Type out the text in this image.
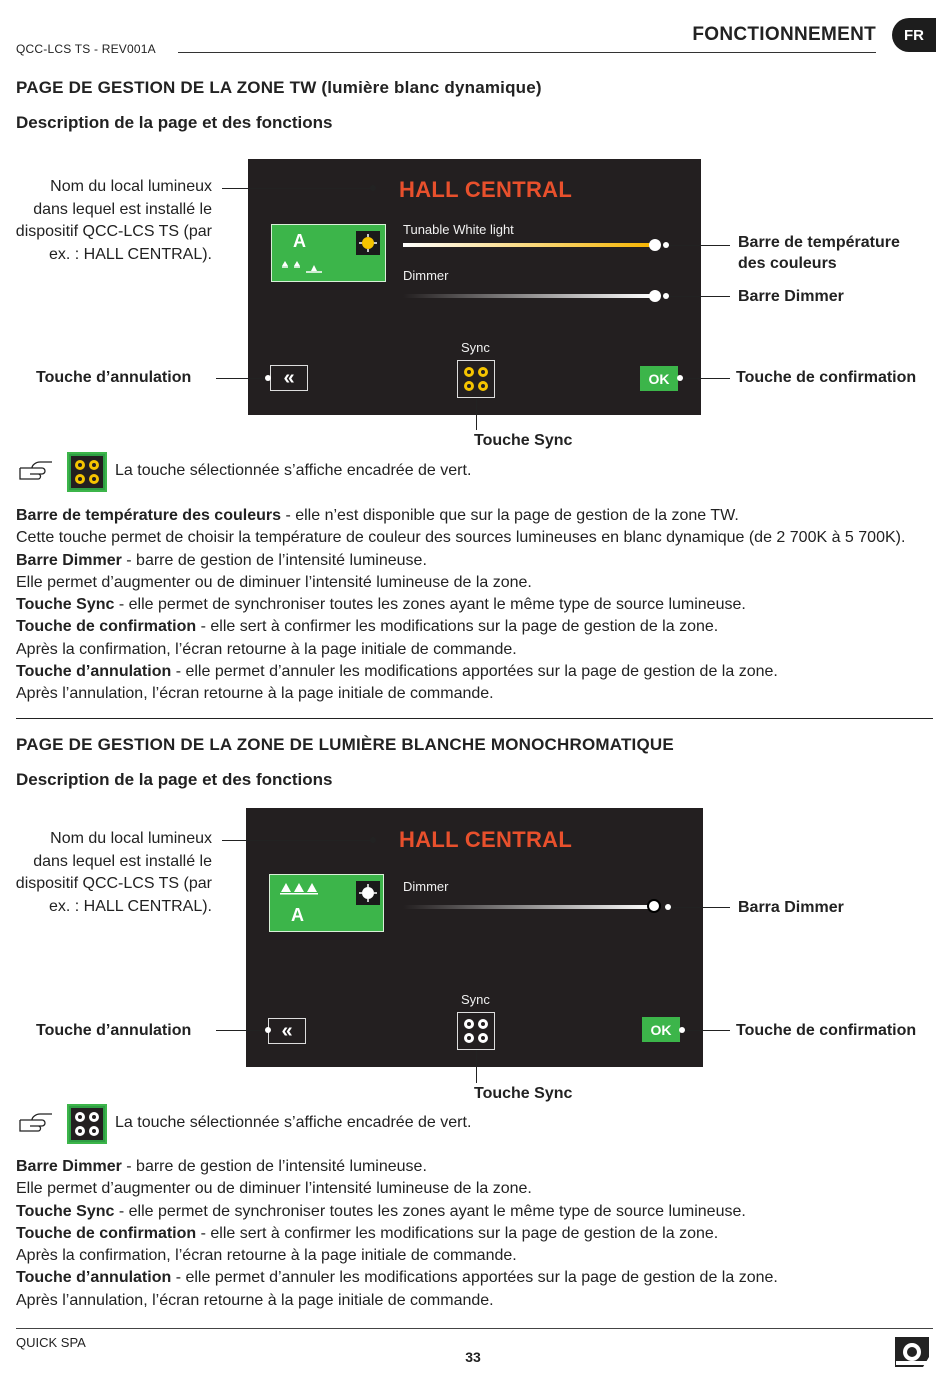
QCC-LCS TS - REV001A
FONCTIONNEMENT	FR
PAGE DE GESTION DE LA ZONE TW (lumière blanc dynamique)
Description de la page et des fonctions
Nom du local lumineux
dans lequel est installé le
dispositif QCC-LCS TS (par
ex. : HALL CENTRAL).
HALL CENTRAL
A
Tunable White light
Dimmer
«
Sync
OK
Barre de température
des couleurs
Barre Dimmer
Touche d’annulation	Touche de confirmation
Touche Sync
La touche sélectionnée s’affiche encadrée de vert.
Barre de température des couleurs - elle n’est disponible que sur la page de gestion de la zone TW.
Cette touche permet de choisir la température de couleur des sources lumineuses en blanc dynamique (de 2 700K à 5 700K).
Barre Dimmer - barre de gestion de l’intensité lumineuse.
Elle permet d’augmenter ou de diminuer l’intensité lumineuse de la zone.
Touche Sync - elle permet de synchroniser toutes les zones ayant le même type de source lumineuse.
Touche de confirmation - elle sert à confirmer les modifications sur la page de gestion de la zone.
Après la confirmation, l’écran retourne à la page initiale de commande.
Touche d’annulation - elle permet d’annuler les modifications apportées sur la page de gestion de la zone.
Après l’annulation, l’écran retourne à la page initiale de commande.
PAGE DE GESTION DE LA ZONE DE LUMIÈRE BLANCHE MONOCHROMATIQUE
Description de la page et des fonctions
Nom du local lumineux
dans lequel est installé le
dispositif QCC-LCS TS (par
ex. : HALL CENTRAL).
HALL CENTRAL
A
Dimmer
«
Sync
OK
Barra Dimmer
Touche d’annulation	Touche de confirmation
Touche Sync
La touche sélectionnée s’affiche encadrée de vert.
Barre Dimmer - barre de gestion de l’intensité lumineuse.
Elle permet d’augmenter ou de diminuer l’intensité lumineuse de la zone.
Touche Sync - elle permet de synchroniser toutes les zones ayant le même type de source lumineuse.
Touche de confirmation - elle sert à confirmer les modifications sur la page de gestion de la zone.
Après la confirmation, l’écran retourne à la page initiale de commande.
Touche d’annulation - elle permet d’annuler les modifications apportées sur la page de gestion de la zone.
Après l’annulation, l’écran retourne à la page initiale de commande.
QUICK SPA
33
